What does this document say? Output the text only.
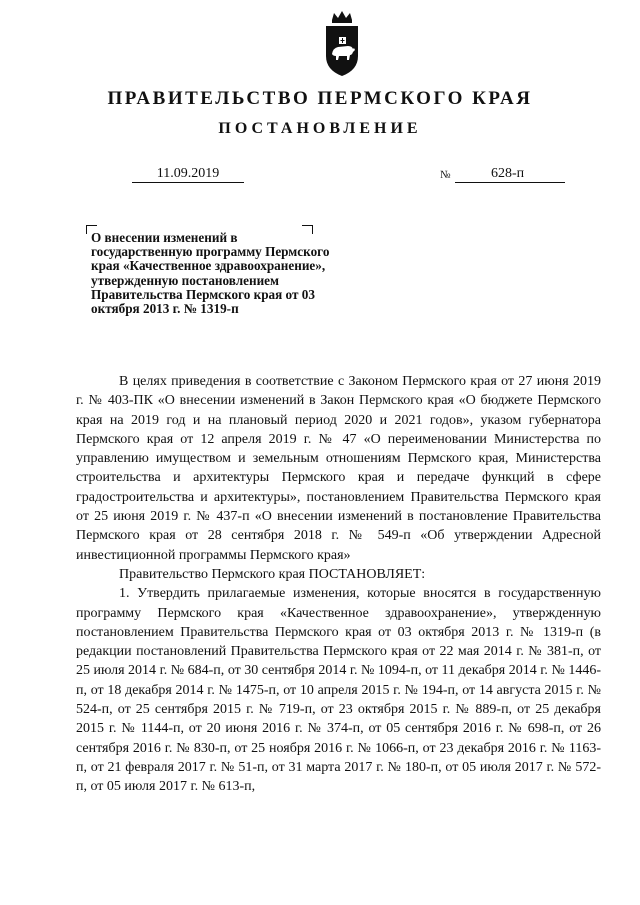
ПРАВИТЕЛЬСТВО ПЕРМСКОГО КРАЯ
ПОСТАНОВЛЕНИЕ
11.09.2019	№	628-п
О внесении изменений в государственную программу Пермского края «Качественное здравоохранение», утвержденную постановлением Правительства Пермского края от 03 октября 2013 г. № 1319-п

В целях приведения в соответствие с Законом Пермского края от 27 июня 2019 г. № 403-ПК «О внесении изменений в Закон Пермского края «О бюджете Пермского края на 2019 год и на плановый период 2020 и 2021 годов», указом губернатора Пермского края от 12 апреля 2019 г. № 47 «О переименовании Министерства по управлению имуществом и земельным отношениям Пермского края, Министерства строительства и архитектуры Пермского края и передаче функций в сфере градостроительства и архитектуры», постановлением Правительства Пермского края от 25 июня 2019 г. № 437-п «О внесении изменений в постановление Правительства Пермского края от 28 сентября 2018 г. № 549-п «Об утверждении Адресной инвестиционной программы Пермского края»

Правительство Пермского края ПОСТАНОВЛЯЕТ:

1. Утвердить прилагаемые изменения, которые вносятся в государственную программу Пермского края «Качественное здравоохранение», утвержденную постановлением Правительства Пермского края от 03 октября 2013 г. № 1319-п (в редакции постановлений Правительства Пермского края от 22 мая 2014 г. № 381-п, от 25 июля 2014 г. № 684-п, от 30 сентября 2014 г. № 1094-п, от 11 декабря 2014 г. № 1446-п, от 18 декабря 2014 г. № 1475-п, от 10 апреля 2015 г. № 194-п, от 14 августа 2015 г. № 524-п, от 25 сентября 2015 г. № 719-п, от 23 октября 2015 г. № 889-п, от 25 декабря 2015 г. № 1144-п, от 20 июня 2016 г. № 374-п, от 05 сентября 2016 г. № 698-п, от 26 сентября 2016 г. № 830-п, от 25 ноября 2016 г. № 1066-п, от 23 декабря 2016 г. № 1163-п, от 21 февраля 2017 г. № 51-п, от 31 марта 2017 г. № 180-п, от 05 июля 2017 г. № 572-п, от 05 июля 2017 г. № 613-п,
